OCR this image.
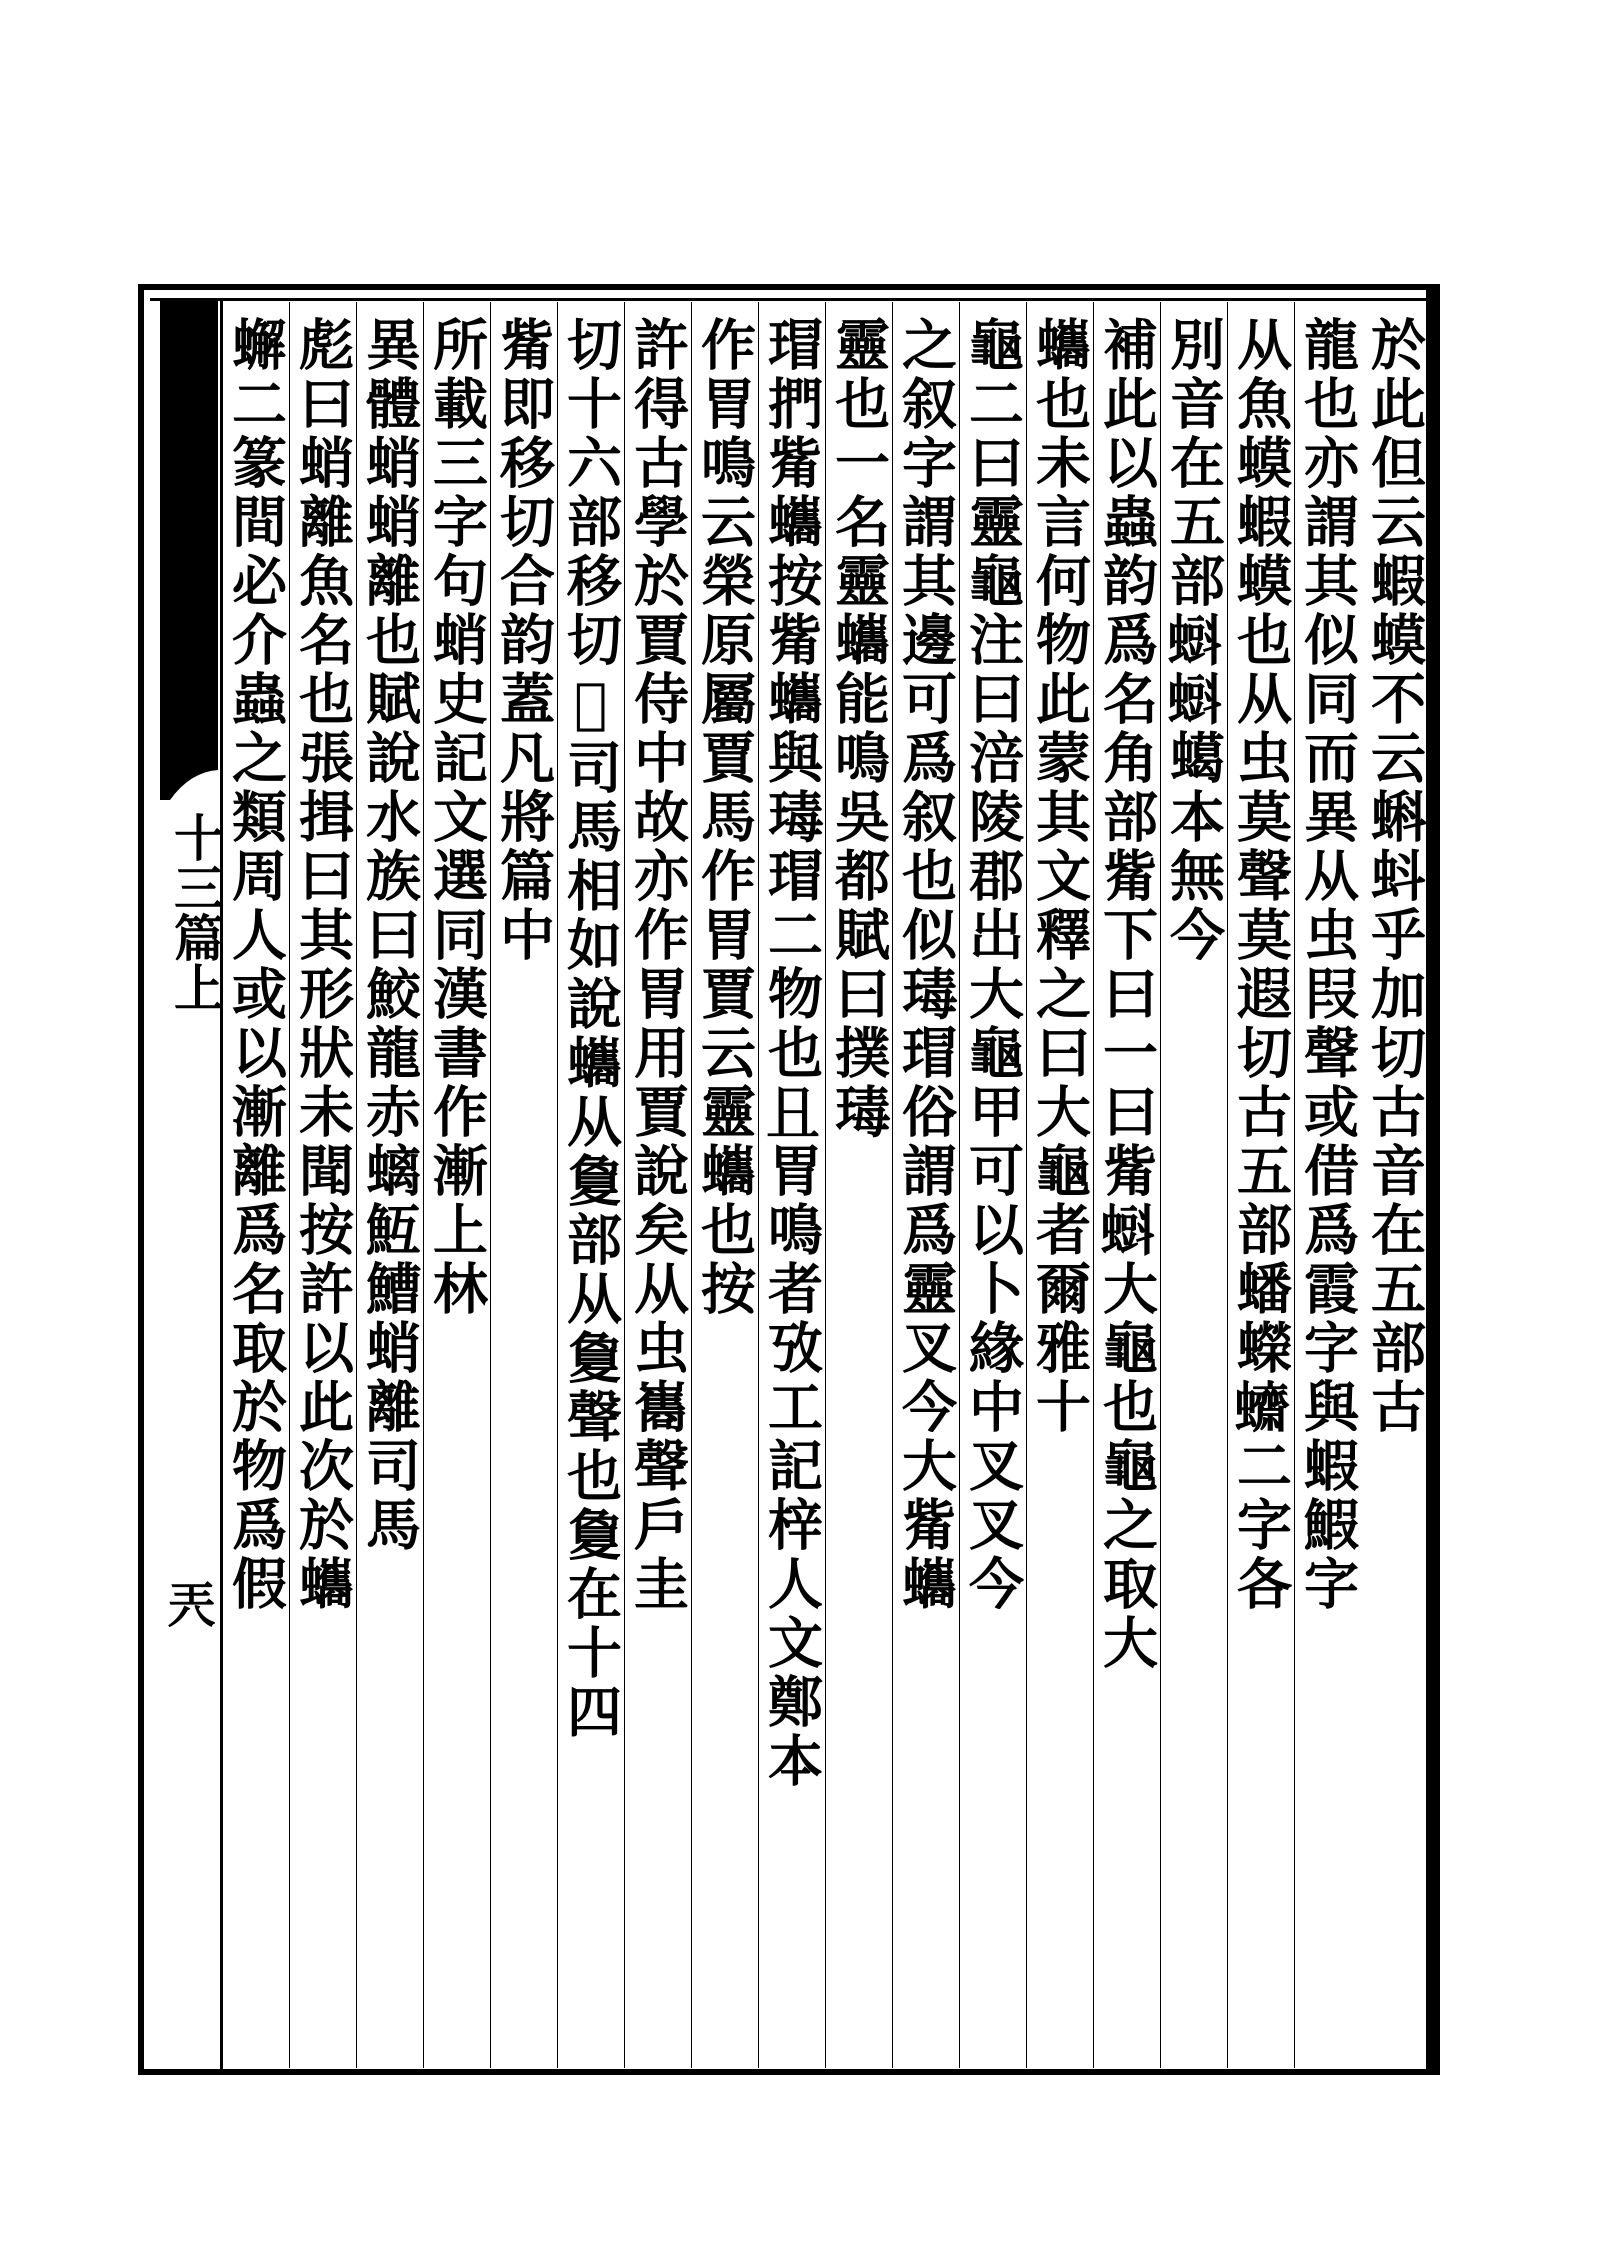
十三篇上
兲
於此但云蝦蟆不云蝌蚪乎加切古音在五部古
龍也亦謂其似同而異从虫叚聲或借爲霞字與蝦鰕字
从魚蟆蝦蟆也从虫莫聲莫遐切古五部蟠蠑𧕚二字各
別音在五部𧐝𧐝䗶本無今
補此以蟲韵爲名角部觜下曰一曰觜𧐝大龜也龜之取大
蠵也未言何物此蒙其文釋之曰大龜者爾雅十
龜二曰靈龜注曰涪陵郡出大龜甲可以卜緣中叉叉今
之叙字謂其邊可爲叙也似瑇瑁俗謂爲靈叉今大觜蠵
靈也一名靈蠵能鳴吳都賦曰撲瑇
瑁捫觜蠵按觜蠵與瑇瑁二物也𠀇胃鳴者攷工記梓人文鄭本
作胃鳴云榮原屬賈馬作胃賈云靈蠵也按
許得古學於賈侍中故亦作胃用賈說矣从虫巂聲戶圭
切十六部移切𩓗司馬相如說蠵从敻部从敻聲也敻在十四
觜即移切合韵蓋凡將篇中
所載三字句蛸史記文選同漢書作漸上林
異體蛸蛸離也賦說水族曰鮫龍赤螭魱鰽蛸離司馬
彪曰蛸離魚名也張揖曰其形狀未聞按許以此次於蠵
蠏二篆間必介蟲之類周人或以漸離爲名取於物爲假
